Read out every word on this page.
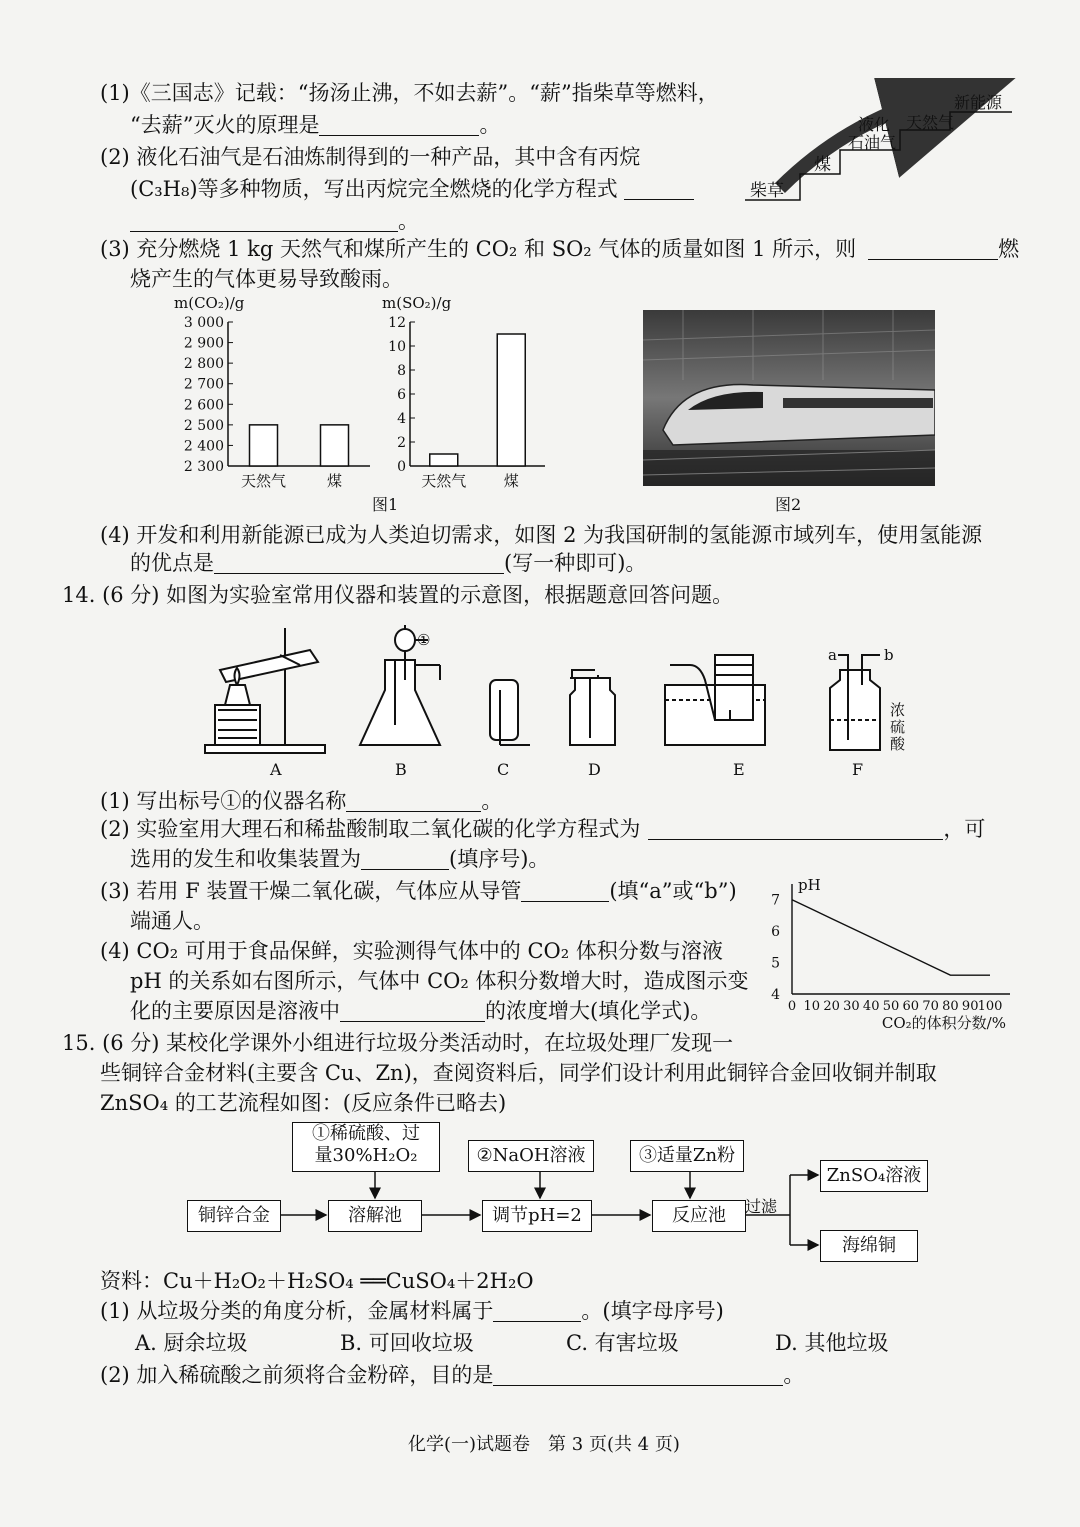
(1)《三国志》记载：“扬汤止沸，不如去薪”。“薪”指柴草等燃料，
“去薪”灭火的原理是	。
(2) 液化石油气是石油炼制得到的一种产品，其中含有丙烷
(C₃H₈)等多种物质，写出丙烷完全燃烧的化学方程式
。
柴草
煤
液化
石油气
天然气
新能源
(3) 充分燃烧 1 kg 天然气和煤所产生的 CO₂ 和 SO₂ 气体的质量如图 1 所示，则	燃
烧产生的气体更易导致酸雨。
m(CO₂)/g
2 300
2 400
2 500
2 600
2 700
2 800
2 900
3 000
天然气	煤
m(SO₂)/g
0
2
4
6
8
10
12
天然气 煤
图1	图2
(4) 开发和利用新能源已成为人类迫切需求，如图 2 为我国研制的氢能源市域列车，使用氢能源
的优点是	(写一种即可)。
14. (6 分) 如图为实验室常用仪器和装置的示意图，根据题意回答问题。
①
a	b
浓
硫
酸
A	B	C	D	E	F
(1) 写出标号①的仪器名称	。
(2) 实验室用大理石和稀盐酸制取二氧化碳的化学方程式为	，可
选用的发生和收集装置为	(填序号)。
(3) 若用 F 装置干燥二氧化碳，气体应从导管	(填“a”或“b”)
端通人。
(4) CO₂ 可用于食品保鲜，实验测得气体中的 CO₂ 体积分数与溶液
pH 的关系如右图所示，气体中 CO₂ 体积分数增大时，造成图示变
化的主要原因是溶液中	的浓度增大(填化学式)。
pH
4
5
6
7
0 10 20 30 40 50 60 70 80 90 100
CO₂的体积分数/%
15. (6 分) 某校化学课外小组进行垃圾分类活动时，在垃圾处理厂发现一
些铜锌合金材料(主要含 Cu、Zn)，查阅资料后，同学们设计利用此铜锌合金回收铜并制取
ZnSO₄ 的工艺流程如图：(反应条件已略去)
①稀硫酸、过
量30%H₂O₂	②NaOH溶液	③适量Zn粉
铜锌合金	溶解池	调节pH=2	反应池	过滤
ZnSO₄溶液
海绵铜
资料：Cu＋H₂O₂＋H₂SO₄ ══CuSO₄＋2H₂O
(1) 从垃圾分类的角度分析，金属材料属于	。(填字母序号)
A. 厨余垃圾	B. 可回收垃圾	C. 有害垃圾	D. 其他垃圾
(2) 加入稀硫酸之前须将合金粉碎，目的是	。
化学(一)试题卷　第 3 页(共 4 页)
